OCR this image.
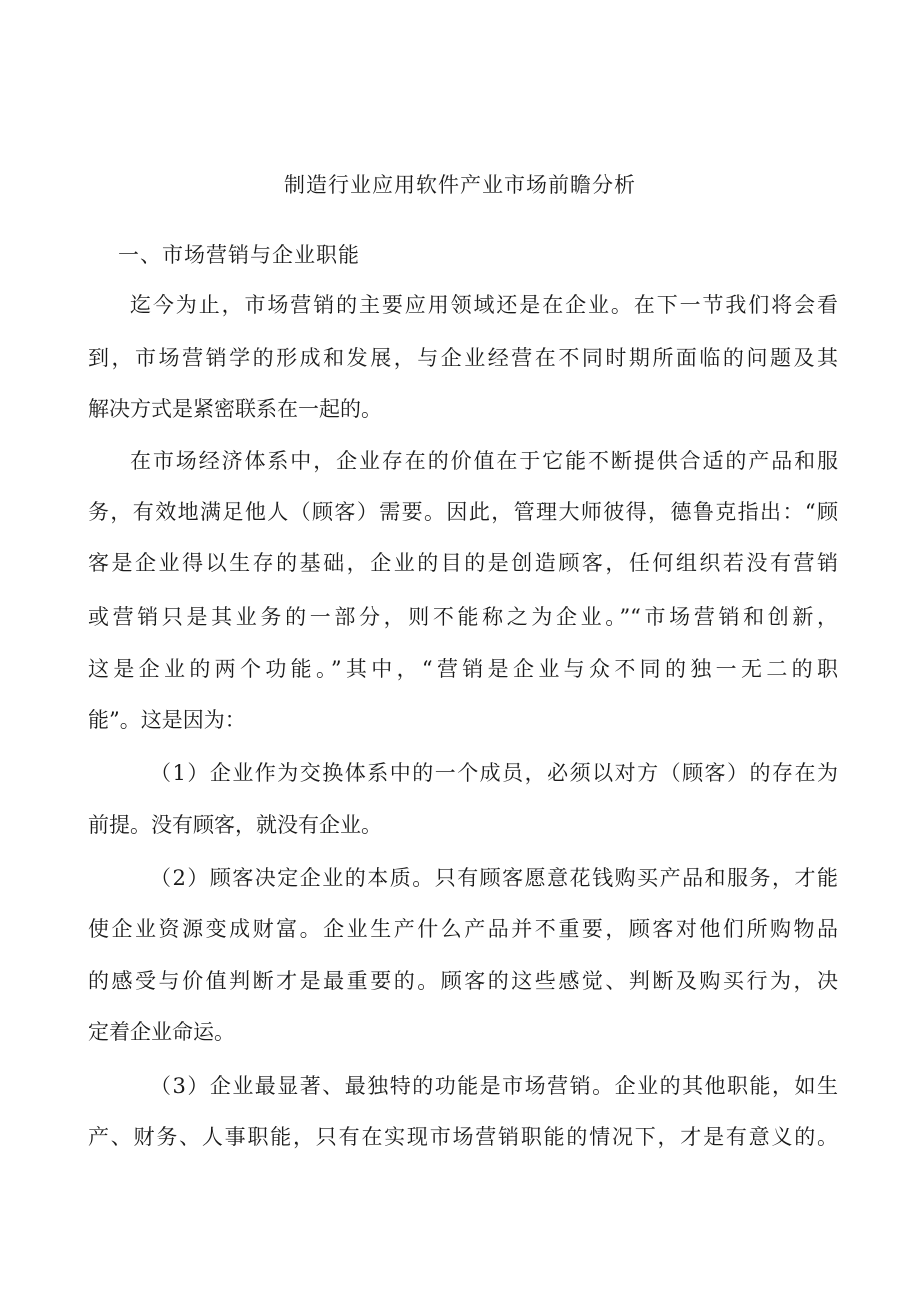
制造行业应用软件产业市场前瞻分析
一、市场营销与企业职能
迄今为止，市场营销的主要应用领域还是在企业。在下一节我们将会看
到，市场营销学的形成和发展，与企业经营在不同时期所面临的问题及其
解决方式是紧密联系在一起的。
在市场经济体系中，企业存在的价值在于它能不断提供合适的产品和服
务，有效地满足他人（顾客）需要。因此，管理大师彼得，德鲁克指出：“顾
客是企业得以生存的基础，企业的目的是创造顾客，任何组织若没有营销
或营销只是其业务的一部分，则不能称之为企业。”“市场营销和创新，
这是企业的两个功能。”其中，“营销是企业与众不同的独一无二的职
能”。这是因为：
（1）企业作为交换体系中的一个成员，必须以对方（顾客）的存在为
前提。没有顾客，就没有企业。
（2）顾客决定企业的本质。只有顾客愿意花钱购买产品和服务，才能
使企业资源变成财富。企业生产什么产品并不重要，顾客对他们所购物品
的感受与价值判断才是最重要的。顾客的这些感觉、判断及购买行为，决
定着企业命运。
（3）企业最显著、最独特的功能是市场营销。企业的其他职能，如生
产、财务、人事职能，只有在实现市场营销职能的情况下，才是有意义的。
